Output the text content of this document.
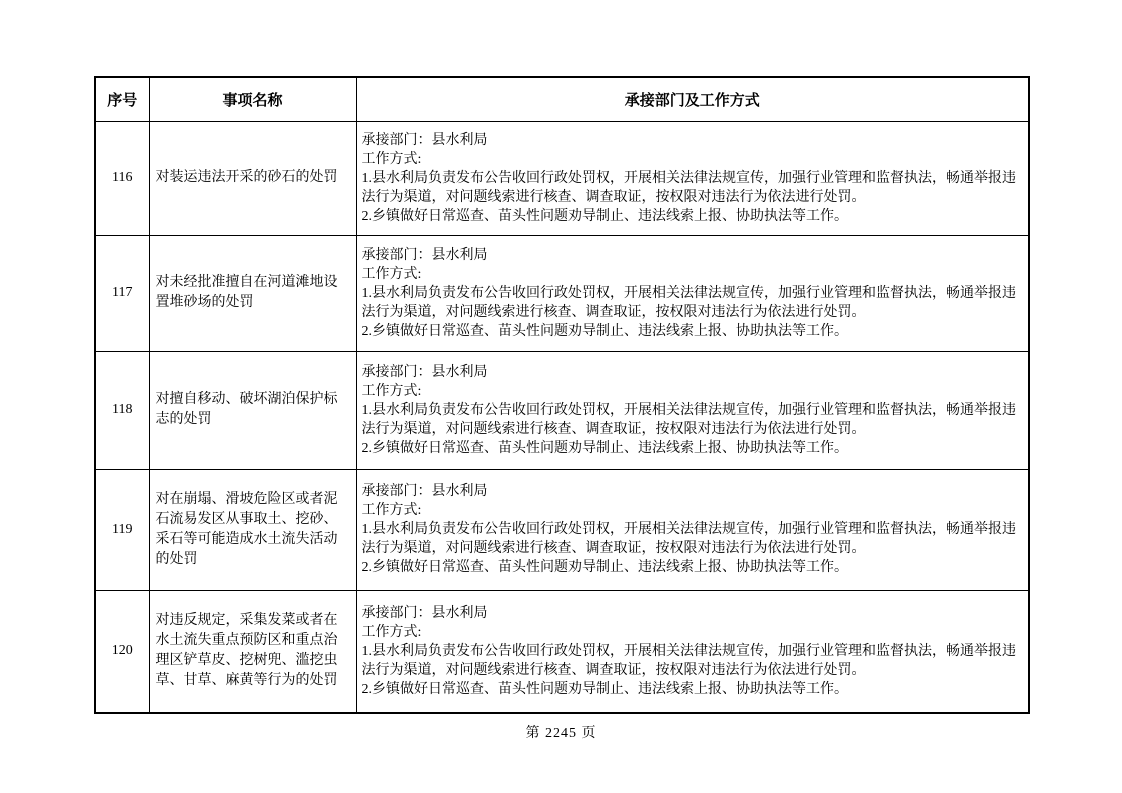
序号	事项名称	承接部门及工作方式
116	对装运违法开采的砂石的处罚	承接部门：县水利局
工作方式:
1.县水利局负责发布公告收回行政处罚权，开展相关法律法规宣传，加强行业管理和监督执法，畅通举报违法行为渠道，对问题线索进行核查、调查取证，按权限对违法行为依法进行处罚。
2.乡镇做好日常巡查、苗头性问题劝导制止、违法线索上报、协助执法等工作。

117	对未经批准擅自在河道滩地设置堆砂场的处罚	承接部门：县水利局
工作方式:
1.县水利局负责发布公告收回行政处罚权，开展相关法律法规宣传，加强行业管理和监督执法，畅通举报违法行为渠道，对问题线索进行核查、调查取证，按权限对违法行为依法进行处罚。
2.乡镇做好日常巡查、苗头性问题劝导制止、违法线索上报、协助执法等工作。

118	对擅自移动、破坏湖泊保护标志的处罚	承接部门：县水利局
工作方式:
1.县水利局负责发布公告收回行政处罚权，开展相关法律法规宣传，加强行业管理和监督执法，畅通举报违法行为渠道，对问题线索进行核查、调查取证，按权限对违法行为依法进行处罚。
2.乡镇做好日常巡查、苗头性问题劝导制止、违法线索上报、协助执法等工作。

119	对在崩塌、滑坡危险区或者泥石流易发区从事取土、挖砂、采石等可能造成水土流失活动的处罚	承接部门：县水利局
工作方式:
1.县水利局负责发布公告收回行政处罚权，开展相关法律法规宣传，加强行业管理和监督执法，畅通举报违法行为渠道，对问题线索进行核查、调查取证，按权限对违法行为依法进行处罚。
2.乡镇做好日常巡查、苗头性问题劝导制止、违法线索上报、协助执法等工作。

120	对违反规定，采集发菜或者在水土流失重点预防区和重点治理区铲草皮、挖树兜、滥挖虫草、甘草、麻黄等行为的处罚	承接部门：县水利局
工作方式:
1.县水利局负责发布公告收回行政处罚权，开展相关法律法规宣传，加强行业管理和监督执法，畅通举报违法行为渠道，对问题线索进行核查、调查取证，按权限对违法行为依法进行处罚。
2.乡镇做好日常巡查、苗头性问题劝导制止、违法线索上报、协助执法等工作。
第 2245 页
